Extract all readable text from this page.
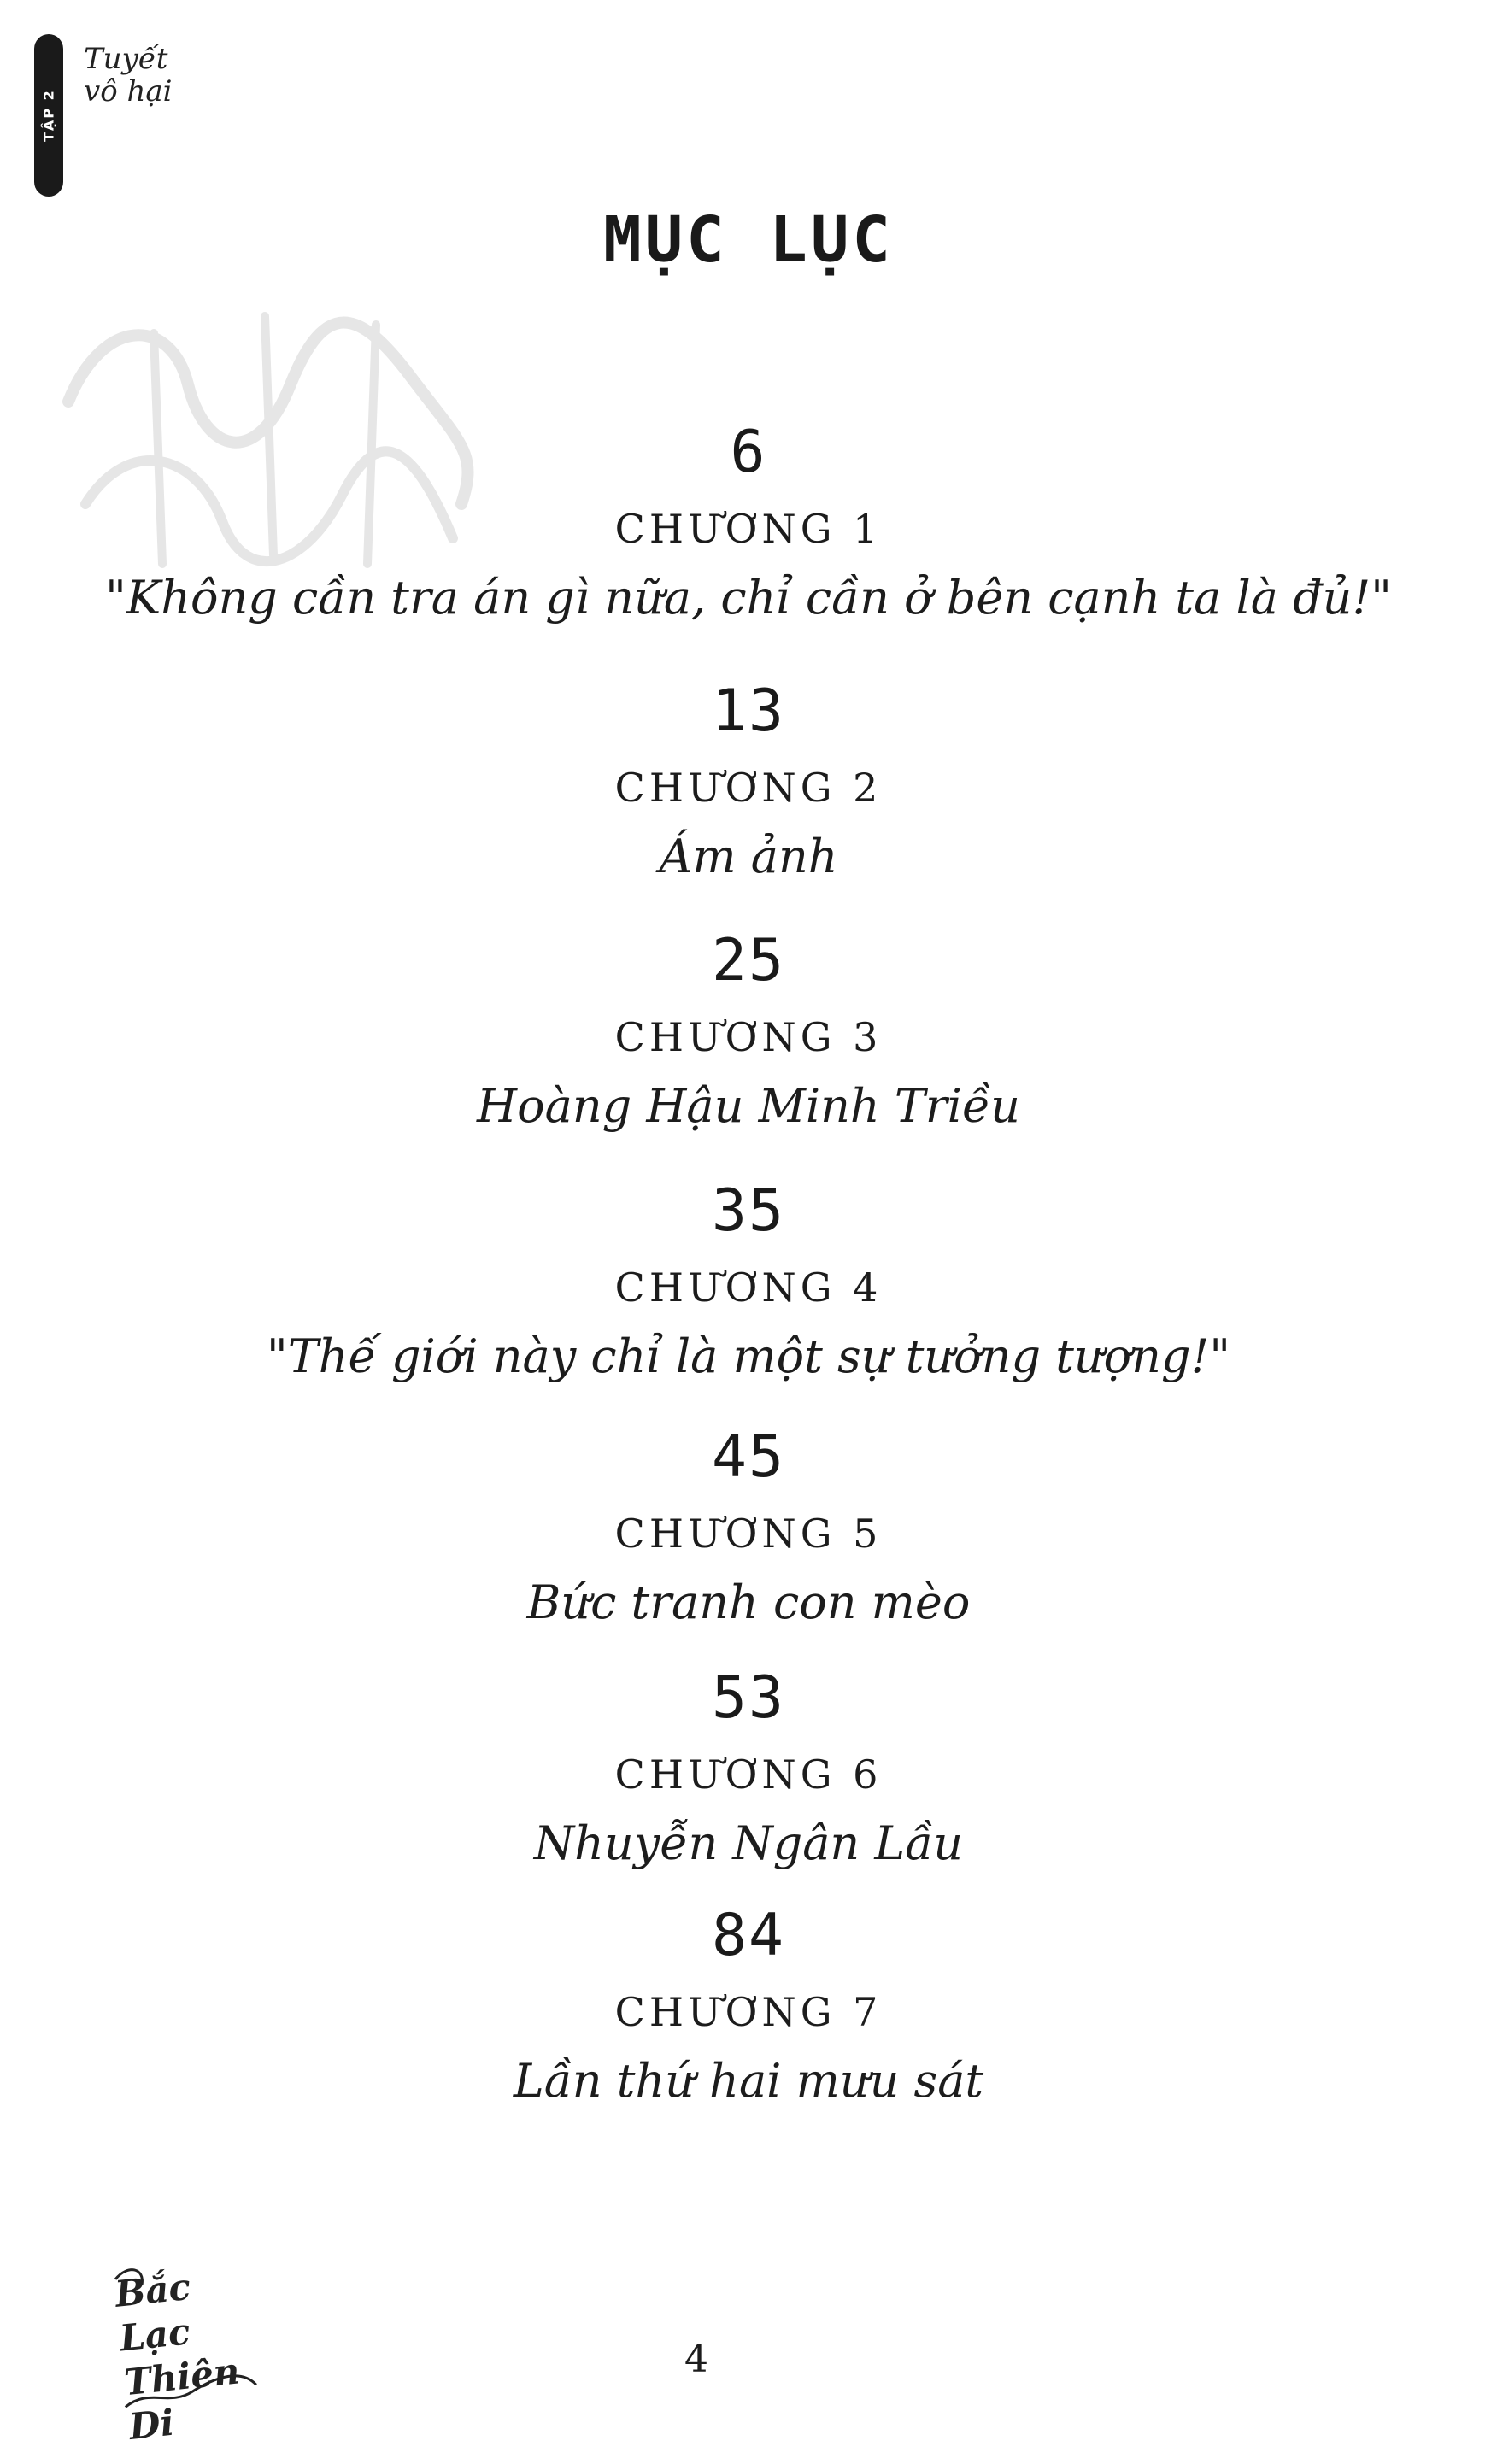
TẬP 2
Tuyết vô hại
MỤC LỤC
6
CHƯƠNG 1
"Không cần tra án gì nữa, chỉ cần ở bên cạnh ta là đủ!"
13
CHƯƠNG 2
Ám ảnh
25
CHƯƠNG 3
Hoàng Hậu Minh Triều
35
CHƯƠNG 4
"Thế giới này chỉ là một sự tưởng tượng!"
45
CHƯƠNG 5
Bức tranh con mèo
53
CHƯƠNG 6
Nhuyễn Ngân Lầu
84
CHƯƠNG 7
Lần thứ hai mưu sát
Bắc Lạc Thiên Di
4
